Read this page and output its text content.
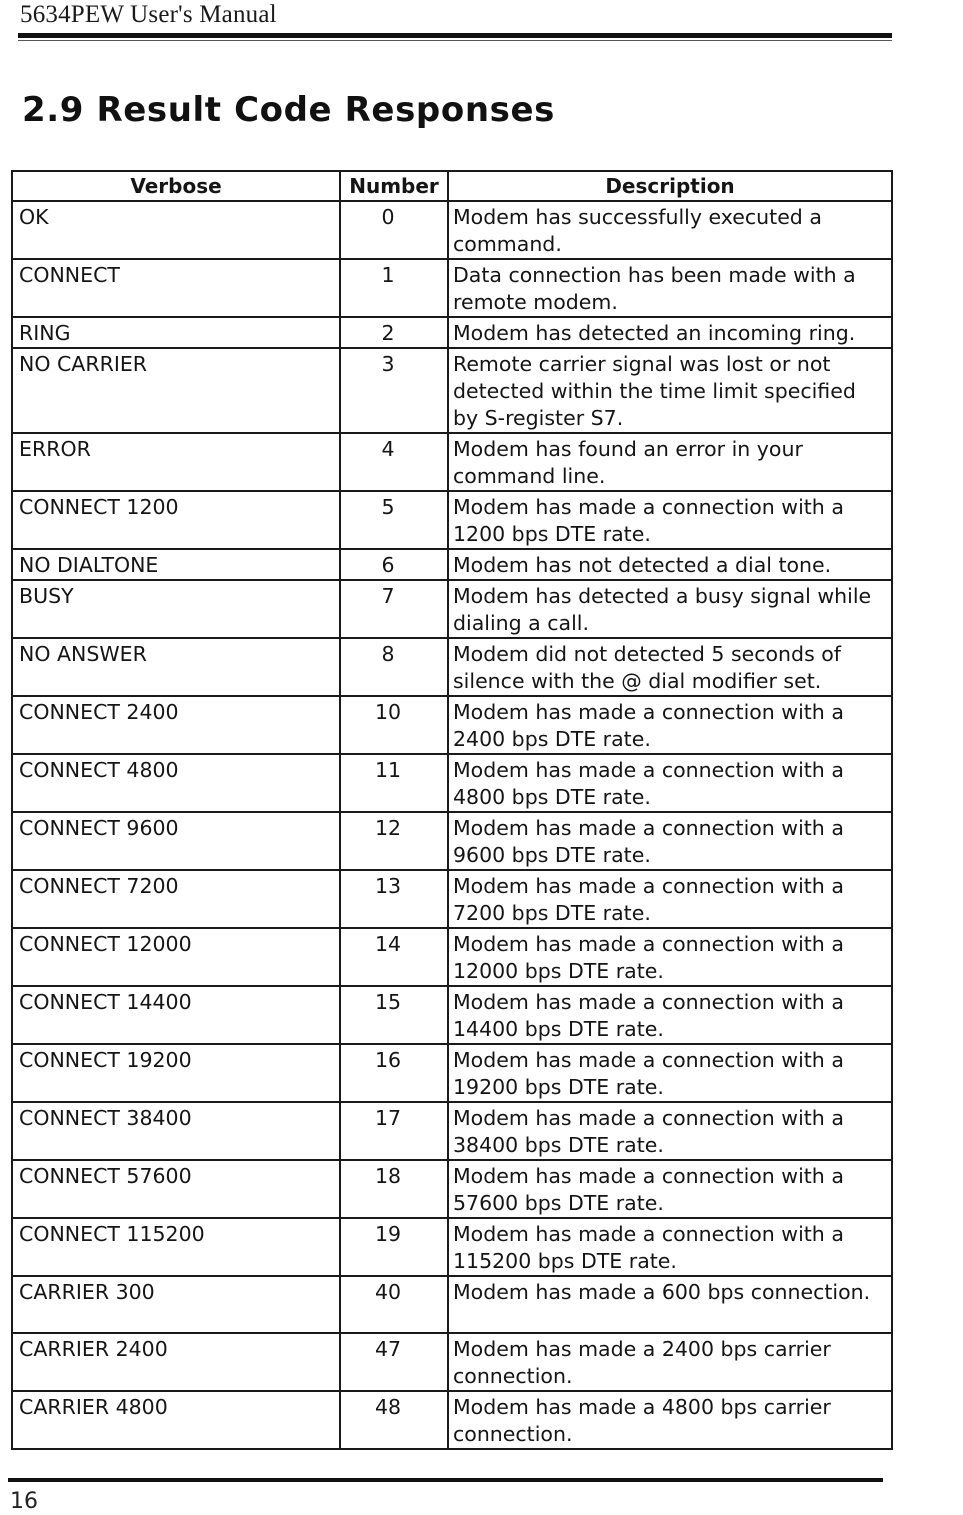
5634PEW User's Manual
2.9 Result Code Responses
Verbose	Number	Description
OK	0	Modem has successfully executed a command.
CONNECT	1	Data connection has been made with a remote modem.
RING	2	Modem has detected an incoming ring.
NO CARRIER	3	Remote carrier signal was lost or not detected within the time limit specified by S-register S7.
ERROR	4	Modem has found an error in your command line.
CONNECT 1200	5	Modem has made a connection with a 1200 bps DTE rate.
NO DIALTONE	6	Modem has not detected a dial tone.
BUSY	7	Modem has detected a busy signal while dialing a call.
NO ANSWER	8	Modem did not detected 5 seconds of silence with the @ dial modifier set.
CONNECT 2400	10	Modem has made a connection with a 2400 bps DTE rate.
CONNECT 4800	11	Modem has made a connection with a 4800 bps DTE rate.
CONNECT 9600	12	Modem has made a connection with a 9600 bps DTE rate.
CONNECT 7200	13	Modem has made a connection with a 7200 bps DTE rate.
CONNECT 12000	14	Modem has made a connection with a 12000 bps DTE rate.
CONNECT 14400	15	Modem has made a connection with a 14400 bps DTE rate.
CONNECT 19200	16	Modem has made a connection with a 19200 bps DTE rate.
CONNECT 38400	17	Modem has made a connection with a 38400 bps DTE rate.
CONNECT 57600	18	Modem has made a connection with a 57600 bps DTE rate.
CONNECT 115200	19	Modem has made a connection with a 115200 bps DTE rate.
CARRIER 300	40	Modem has made a 600 bps connection.
CARRIER 2400	47	Modem has made a 2400 bps carrier connection.
CARRIER 4800	48	Modem has made a 4800 bps carrier connection.
16
